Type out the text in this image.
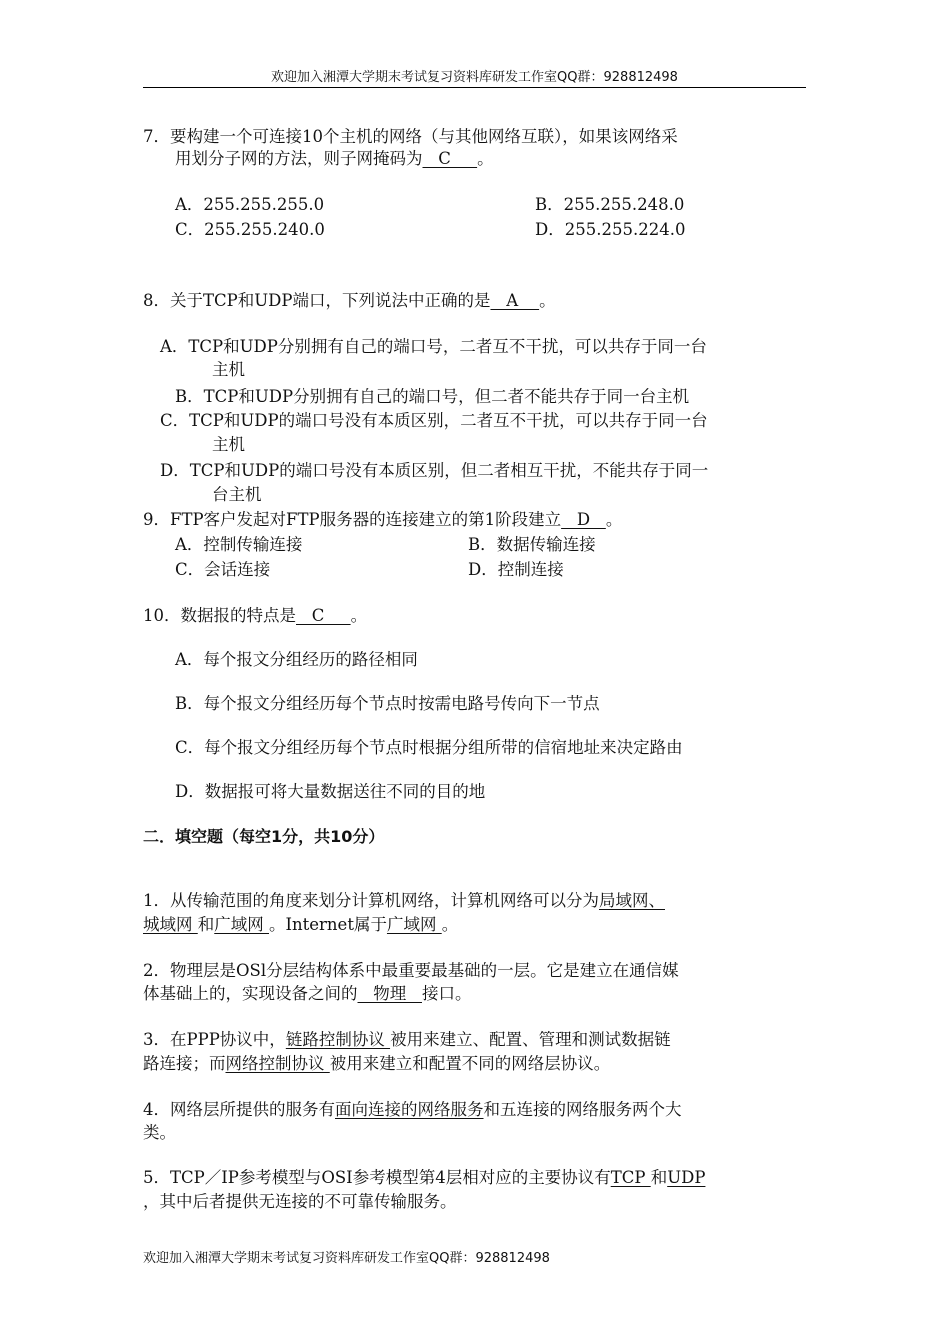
欢迎加入湘潭大学期末考试复习资料库研发工作室QQ群：928812498
7．要构建一个可连接10个主机的网络（与其他网络互联），如果该网络采
用划分子网的方法，则子网掩码为   C     。
A．255.255.255.0	B．255.255.248.0
C．255.255.240.0	D．255.255.224.0
8．关于TCP和UDP端口，下列说法中正确的是   A    。
A．TCP和UDP分别拥有自己的端口号，二者互不干扰，可以共存于同一台
主机
B．TCP和UDP分别拥有自己的端口号，但二者不能共存于同一台主机
C．TCP和UDP的端口号没有本质区别，二者互不干扰，可以共存于同一台
主机
D．TCP和UDP的端口号没有本质区别，但二者相互干扰，不能共存于同一
台主机
9．FTP客户发起对FTP服务器的连接建立的第1阶段建立   D   。
A．控制传输连接	B．数据传输连接
C．会话连接	D．控制连接
10．数据报的特点是   C     。
A．每个报文分组经历的路径相同
B．每个报文分组经历每个节点时按需电路号传向下一节点
C．每个报文分组经历每个节点时根据分组所带的信宿地址来决定路由
D．数据报可将大量数据送往不同的目的地
二．填空题（每空1分，共10分）
1．从传输范围的角度来划分计算机网络，计算机网络可以分为局域网、
城域网 和广域网 。Internet属于广域网 。
2．物理层是OSl分层结构体系中最重要最基础的一层。它是建立在通信媒
体基础上的，实现设备之间的   物理   接口。
3．在PPP协议中，链路控制协议 被用来建立、配置、管理和测试数据链
路连接；而网络控制协议 被用来建立和配置不同的网络层协议。
4．网络层所提供的服务有面向连接的网络服务和五连接的网络服务两个大
类。
5．TCP／IP参考模型与OSI参考模型第4层相对应的主要协议有TCP 和UDP
，其中后者提供无连接的不可靠传输服务。
欢迎加入湘潭大学期末考试复习资料库研发工作室QQ群：928812498
